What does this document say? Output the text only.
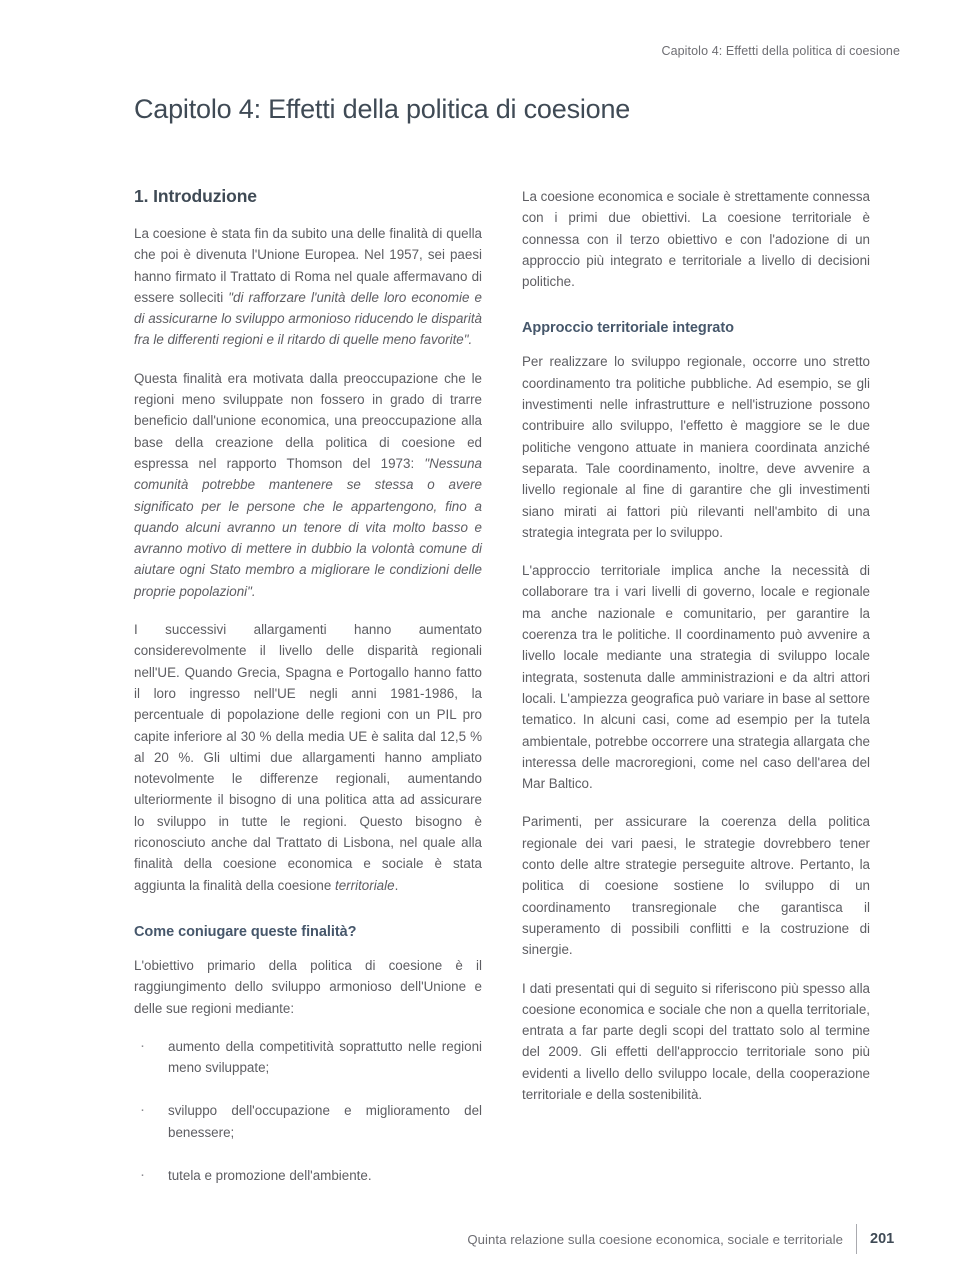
Capitolo 4: Effetti della politica di coesione
Capitolo 4: Effetti della politica di coesione
1. Introduzione

La coesione è stata fin da subito una delle finalità di quella che poi è divenuta l'Unione Europea. Nel 1957, sei paesi hanno firmato il Trattato di Roma nel quale affermavano di essere solleciti "di rafforzare l'unità delle loro economie e di assicurarne lo sviluppo armonioso riducendo le disparità fra le differenti regioni e il ritardo di quelle meno favorite".

Questa finalità era motivata dalla preoccupazione che le regioni meno sviluppate non fossero in grado di trarre beneficio dall'unione economica, una preoccupazione alla base della creazione della politica di coesione ed espressa nel rapporto Thomson del 1973: "Nessuna comunità potrebbe mantenere se stessa o avere significato per le persone che le appartengono, fino a quando alcuni avranno un tenore di vita molto basso e avranno motivo di mettere in dubbio la volontà comune di aiutare ogni Stato membro a migliorare le condizioni delle proprie popolazioni".

I successivi allargamenti hanno aumentato considerevolmente il livello delle disparità regionali nell'UE. Quando Grecia, Spagna e Portogallo hanno fatto il loro ingresso nell'UE negli anni 1981-1986, la percentuale di popolazione delle regioni con un PIL pro capite inferiore al 30 % della media UE è salita dal 12,5 % al 20 %. Gli ultimi due allargamenti hanno ampliato notevolmente le differenze regionali, aumentando ulteriormente il bisogno di una politica atta ad assicurare lo sviluppo in tutte le regioni. Questo bisogno è riconosciuto anche dal Trattato di Lisbona, nel quale alla finalità della coesione economica e sociale è stata aggiunta la finalità della coesione territoriale.

Come coniugare queste finalità?

L'obiettivo primario della politica di coesione è il raggiungimento dello sviluppo armonioso dell'Unione e delle sue regioni mediante:

· aumento della competitività soprattutto nelle regioni meno sviluppate;
· sviluppo dell'occupazione e miglioramento del benessere;
· tutela e promozione dell'ambiente.

La coesione economica e sociale è strettamente connessa con i primi due obiettivi. La coesione territoriale è connessa con il terzo obiettivo e con l'adozione di un approccio più integrato e territoriale a livello di decisioni politiche.

Approccio territoriale integrato

Per realizzare lo sviluppo regionale, occorre uno stretto coordinamento tra politiche pubbliche. Ad esempio, se gli investimenti nelle infrastrutture e nell'istruzione possono contribuire allo sviluppo, l'effetto è maggiore se le due politiche vengono attuate in maniera coordinata anziché separata. Tale coordinamento, inoltre, deve avvenire a livello regionale al fine di garantire che gli investimenti siano mirati ai fattori più rilevanti nell'ambito di una strategia integrata per lo sviluppo.

L'approccio territoriale implica anche la necessità di collaborare tra i vari livelli di governo, locale e regionale ma anche nazionale e comunitario, per garantire la coerenza tra le politiche. Il coordinamento può avvenire a livello locale mediante una strategia di sviluppo locale integrata, sostenuta dalle amministrazioni e da altri attori locali. L'ampiezza geografica può variare in base al settore tematico. In alcuni casi, come ad esempio per la tutela ambientale, potrebbe occorrere una strategia allargata che interessa delle macroregioni, come nel caso dell'area del Mar Baltico.

Parimenti, per assicurare la coerenza della politica regionale dei vari paesi, le strategie dovrebbero tener conto delle altre strategie perseguite altrove. Pertanto, la politica di coesione sostiene lo sviluppo di un coordinamento transregionale che garantisca il superamento di possibili conflitti e la costruzione di sinergie.

I dati presentati qui di seguito si riferiscono più spesso alla coesione economica e sociale che non a quella territoriale, entrata a far parte degli scopi del trattato solo al termine del 2009. Gli effetti dell'approccio territoriale sono più evidenti a livello dello sviluppo locale, della cooperazione territoriale e della sostenibilità.

Quinta relazione sulla coesione economica, sociale e territoriale 201
